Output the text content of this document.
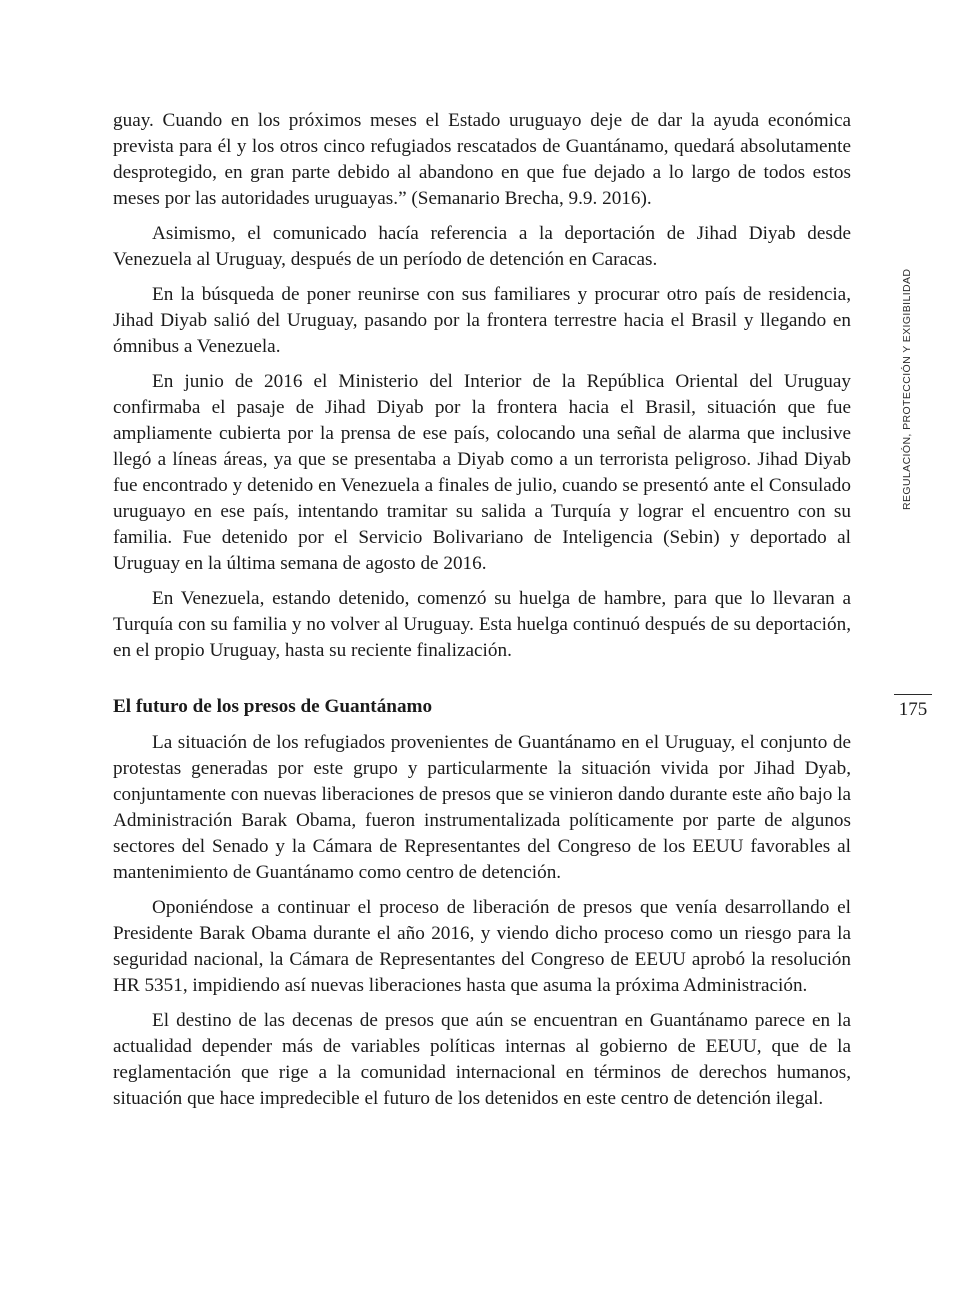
guay. Cuando en los próximos meses el Estado uruguayo deje de dar la ayuda económica prevista para él y los otros cinco refugiados rescatados de Guantánamo, quedará absolutamente desprotegido, en gran parte debido al abandono en que fue dejado a lo largo de todos estos meses por las autoridades uruguayas.” (Semanario Brecha, 9.9. 2016).

Asimismo, el comunicado hacía referencia a la deportación de Jihad Diyab desde Venezuela al Uruguay, después de un período de detención en Caracas.

En la búsqueda de poner reunirse con sus familiares y procurar otro país de residencia, Jihad Diyab salió del Uruguay, pasando por la frontera terrestre hacia el Brasil y llegando en ómnibus a Venezuela.

En junio de 2016 el Ministerio del Interior de la República Oriental del Uruguay confirmaba el pasaje de Jihad Diyab por la frontera hacia el Brasil, situación que fue ampliamente cubierta por la prensa de ese país, colocando una señal de alarma que inclusive llegó a líneas áreas, ya que se presentaba a Diyab como a un terrorista peligroso. Jihad Diyab fue encontrado y detenido en Venezuela a finales de julio, cuando se presentó ante el Consulado uruguayo en ese país, intentando tramitar su salida a Turquía y lograr el encuentro con su familia. Fue detenido por el Servicio Bolivariano de Inteligencia (Sebin) y deportado al Uruguay en la última semana de agosto de 2016.

En Venezuela, estando detenido, comenzó su huelga de hambre, para que lo llevaran a Turquía con su familia y no volver al Uruguay. Esta huelga continuó después de su deportación, en el propio Uruguay, hasta su reciente finalización.

El futuro de los presos de Guantánamo

La situación de los refugiados provenientes de Guantánamo en el Uruguay, el conjunto de protestas generadas por este grupo y particularmente la situación vivida por Jihad Dyab, conjuntamente con nuevas liberaciones de presos que se vinieron dando durante este año bajo la Administración Barak Obama, fueron instrumentalizada políticamente por parte de algunos sectores del Senado y la Cámara de Representantes del Congreso de los EEUU favorables al mantenimiento de Guantánamo como centro de detención.

Oponiéndose a continuar el proceso de liberación de presos que venía desarrollando el Presidente Barak Obama durante el año 2016, y viendo dicho proceso como un riesgo para la seguridad nacional, la Cámara de Representantes del Congreso de EEUU aprobó la resolución HR 5351, impidiendo así nuevas liberaciones hasta que asuma la próxima Administración.

El destino de las decenas de presos que aún se encuentran en Guantánamo parece en la actualidad depender más de variables políticas internas al gobierno de EEUU, que de la reglamentación que rige a la comunidad internacional en términos de derechos humanos, situación que hace impredecible el futuro de los detenidos en este centro de detención ilegal.

REGULACIÓN, PROTECCIÓN Y EXIGIBILIDAD
175
